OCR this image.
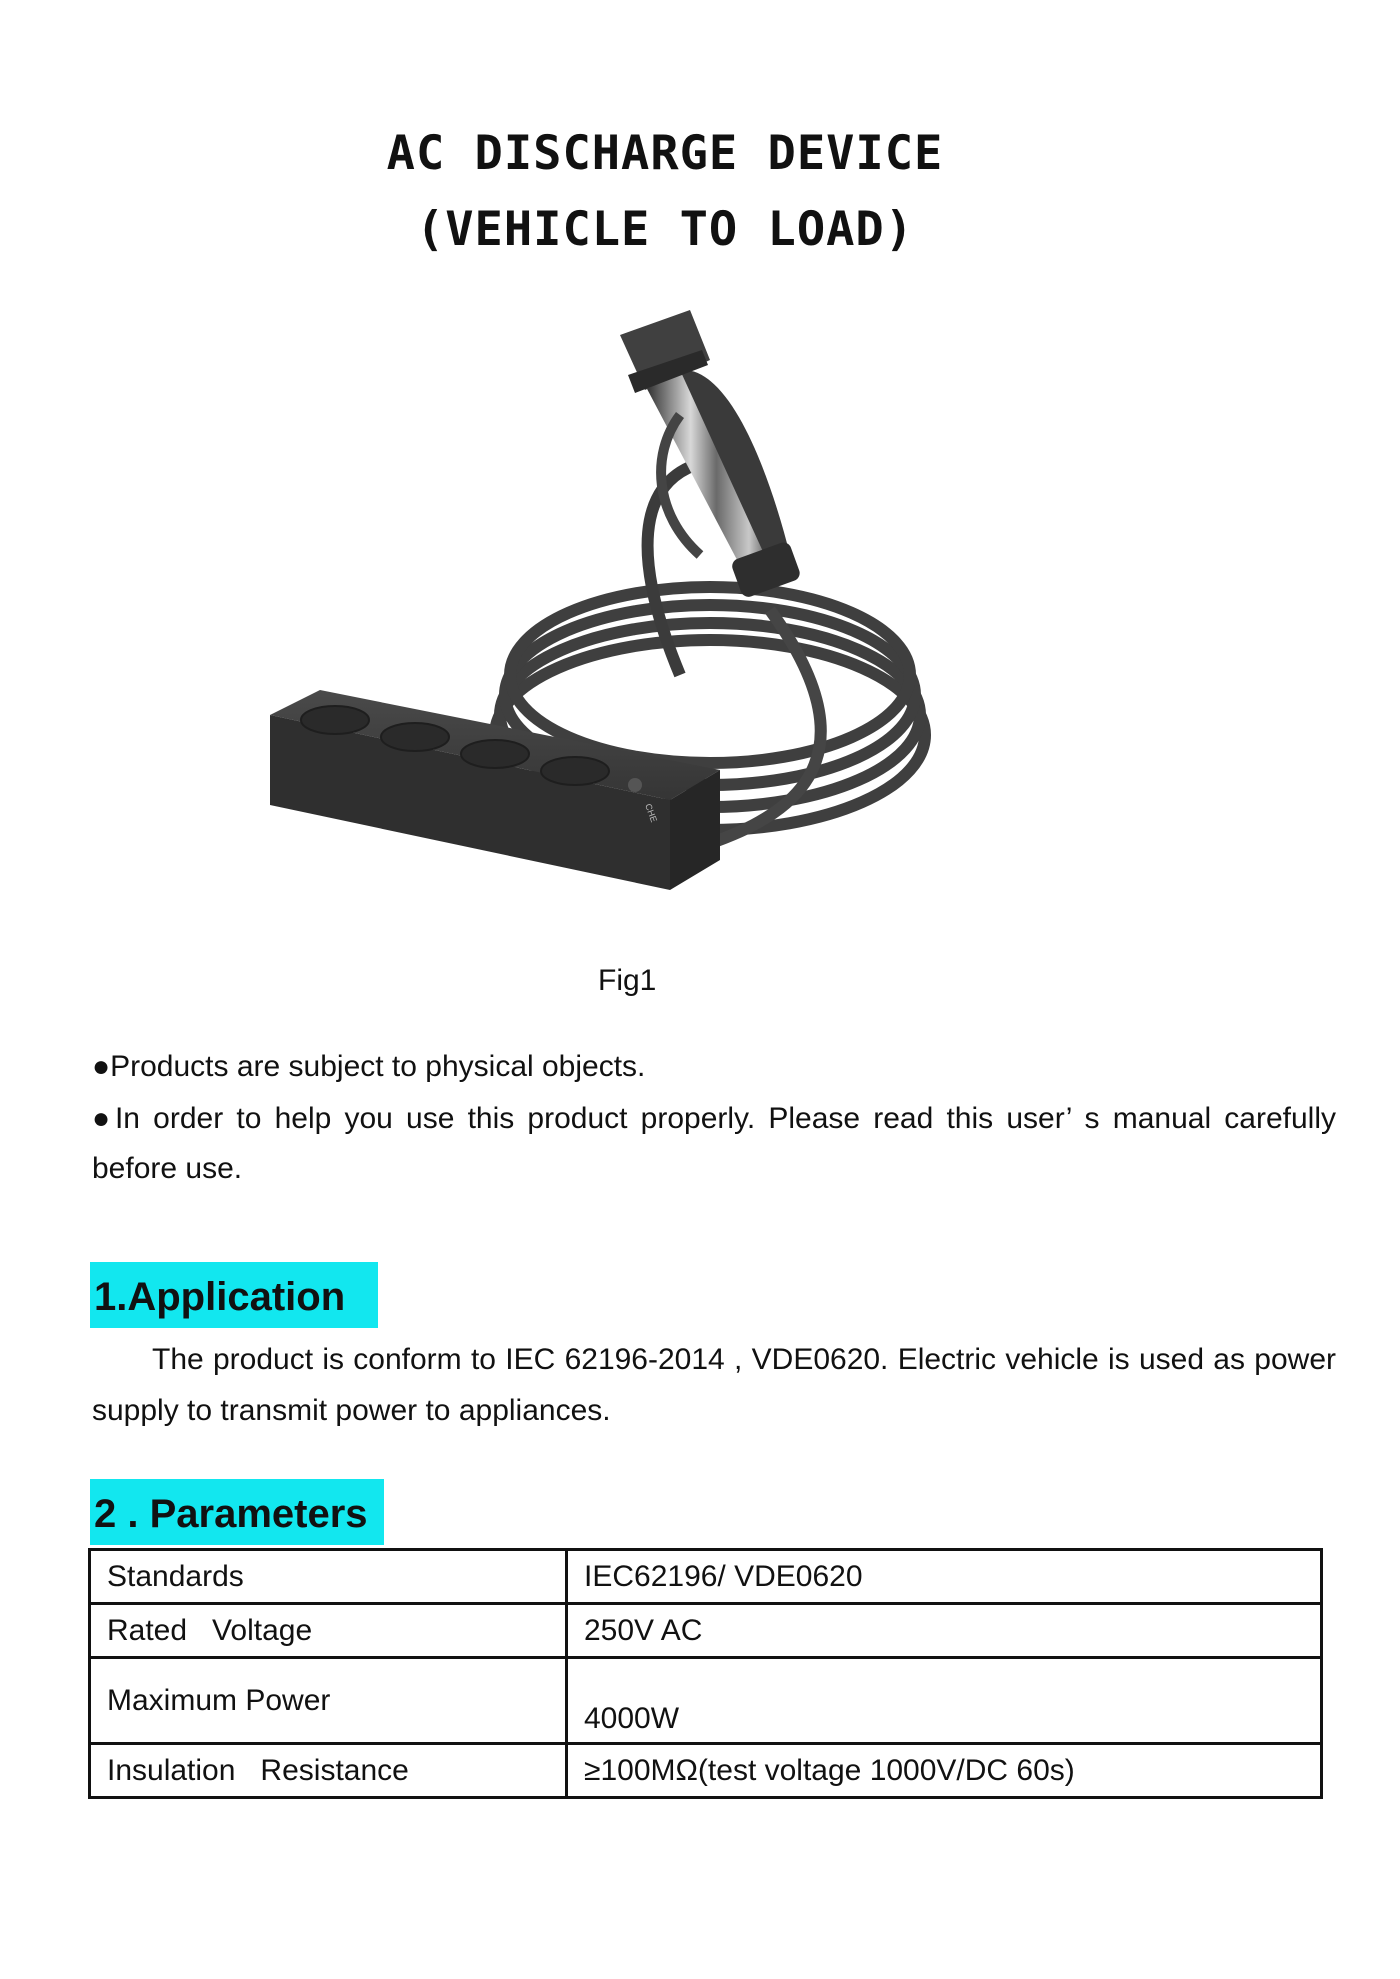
AC DISCHARGE DEVICE
(VEHICLE TO LOAD)
CHE
Fig1
●Products are subject to physical objects.
●In order to help you use this product properly. Please read this user’ s manual carefully before use.
1.Application
The product is conform to IEC 62196-2014 , VDE0620. Electric vehicle is used as power supply to transmit power to appliances.
2 . Parameters
Standards	IEC62196/ VDE0620
Rated   Voltage	250V AC
Maximum Power	4000W
Insulation   Resistance	≥100MΩ(test voltage 1000V/DC 60s)
